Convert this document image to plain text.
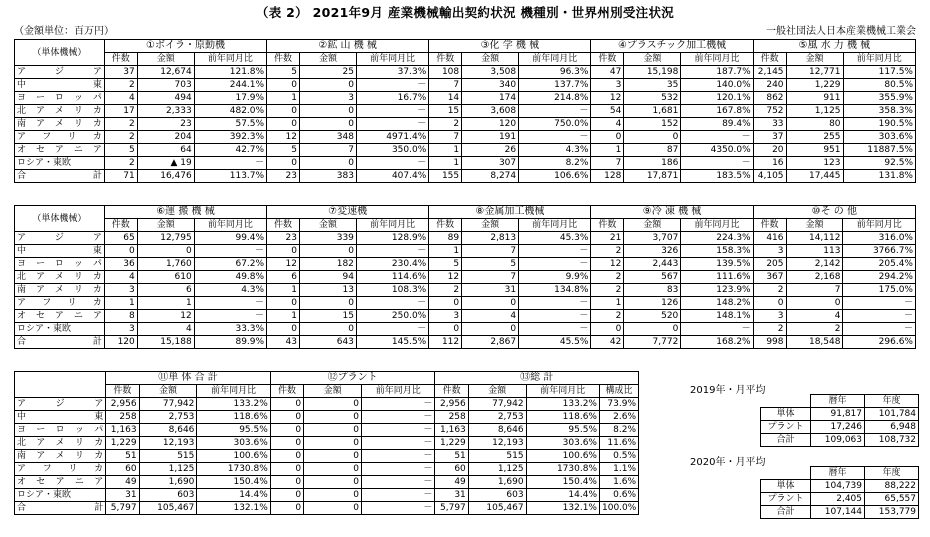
（表 2） 2021年9月 産業機械輸出契約状況 機種別・世界州別受注状況
（金額単位：百万円）	一般社団法人日本産業機械工業会
（単体機械）	①ボイラ・原動機			②鉱 山 機 械			③化 学 機 械			④プラスチック加工機械			⑤風 水 力 機 械		
	件数	金額	前年同月比	件数	金額	前年同月比	件数	金額	前年同月比	件数	金額	前年同月比	件数	金額	前年同月比

ア ジ ア	37	12,674	121.8%	5	25	37.3%	108	3,508	96.3%	47	15,198	187.7%	2,145	12,771	117.5%

中 東	2	703	244.1%	0	0	－	7	340	137.7%	3	35	140.0%	240	1,229	80.5%

ヨ ー ロ ッ パ	4	494	17.9%	1	3	16.7%	14	174	214.8%	12	532	120.1%	862	911	355.9%

北 ア メ リ カ	17	2,333	482.0%	0	0	－	15	3,608	－	54	1,681	167.8%	752	1,125	358.3%

南 ア メ リ カ	2	23	57.5%	0	0	－	2	120	750.0%	4	152	89.4%	33	80	190.5%

ア フ リ カ	2	204	392.3%	12	348	4971.4%	7	191	－	0	0	－	37	255	303.6%

オ セ ア ニ ア	5	64	42.7%	5	7	350.0%	1	26	4.3%	1	87	4350.0%	20	951	11887.5%

ロシア・東欧	2	▲ 19	－	0	0	－	1	307	8.2%	7	186	－	16	123	92.5%

合 計	71	16,476	113.7%	23	383	407.4%	155	8,274	106.6%	128	17,871	183.5%	4,105	17,445	131.8%
（単体機械）	⑥運 搬 機 械			⑦変速機			⑧金属加工機械			⑨冷 凍 機 械			⑩そ の 他		
	件数	金額	前年同月比	件数	金額	前年同月比	件数	金額	前年同月比	件数	金額	前年同月比	件数	金額	前年同月比

ア ジ ア	65	12,795	99.4%	23	339	128.9%	89	2,813	45.3%	21	3,707	224.3%	416	14,112	316.0%

中 東	0	0	－	0	0	－	1	7	－	2	326	158.3%	3	113	3766.7%

ヨ ー ロ ッ パ	36	1,760	67.2%	12	182	230.4%	5	5	－	12	2,443	139.5%	205	2,142	205.4%

北 ア メ リ カ	4	610	49.8%	6	94	114.6%	12	7	9.9%	2	567	111.6%	367	2,168	294.2%

南 ア メ リ カ	3	6	4.3%	1	13	108.3%	2	31	134.8%	2	83	123.9%	2	7	175.0%

ア フ リ カ	1	1	－	0	0	－	0	0	－	1	126	148.2%	0	0	－

オ セ ア ニ ア	8	12	－	1	15	250.0%	3	4	－	2	520	148.1%	3	4	－

ロシア・東欧	3	4	33.3%	0	0	－	0	0	－	0	0	－	2	2	－

合 計	120	15,188	89.9%	43	643	145.5%	112	2,867	45.5%	42	7,772	168.2%	998	18,548	296.6%
	⑪単 体 合 計			⑫プラント			⑬総 計			
	件数	金額	前年同月比	件数	金額	前年同月比	件数	金額	前年同月比	構成比

ア ジ ア	2,956	77,942	133.2%	0	0	－	2,956	77,942	133.2%	73.9%

中 東	258	2,753	118.6%	0	0	－	258	2,753	118.6%	2.6%

ヨ ー ロ ッ パ	1,163	8,646	95.5%	0	0	－	1,163	8,646	95.5%	8.2%

北 ア メ リ カ	1,229	12,193	303.6%	0	0	－	1,229	12,193	303.6%	11.6%

南 ア メ リ カ	51	515	100.6%	0	0	－	51	515	100.6%	0.5%

ア フ リ カ	60	1,125	1730.8%	0	0	－	60	1,125	1730.8%	1.1%

オ セ ア ニ ア	49	1,690	150.4%	0	0	－	49	1,690	150.4%	1.6%

ロシア・東欧	31	603	14.4%	0	0	－	31	603	14.4%	0.6%

合 計	5,797	105,467	132.1%	0	0	－	5,797	105,467	132.1%	100.0%
2019年・月平均
	暦年	年度
単体	91,817	101,784
プラント	17,246	6,948
合計	109,063	108,732
2020年・月平均
	暦年	年度
単体	104,739	88,222
プラント	2,405	65,557
合計	107,144	153,779
